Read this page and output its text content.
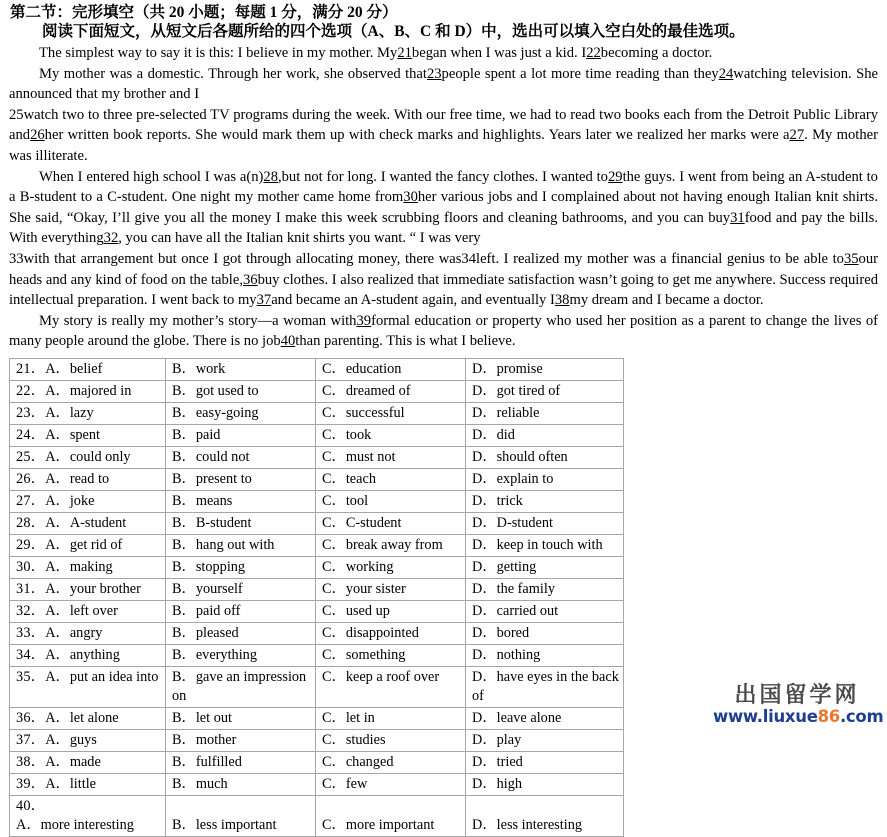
第二节：完形填空（共 20 小题；每题 1 分，满分 20 分）
阅读下面短文，从短文后各题所给的四个选项（A、B、C 和 D）中，选出可以填入空白处的最佳选项。

The simplest way to say it is this: I believe in my mother. My21began when I was just a kid. I22becoming a doctor.

My mother was a domestic. Through her work, she observed that23people spent a lot more time reading than they24watching television. She announced that my brother and I

25watch two to three pre-selected TV programs during the week. With our free time, we had to read two books each from the Detroit Public Library and26her written book reports. She would mark them up with check marks and highlights. Years later we realized her marks were a27. My mother was illiterate.

When I entered high school I was a(n)28,but not for long. I wanted the fancy clothes. I wanted to29the guys. I went from being an A-student to a B-student to a C-student. One night my mother came home from30her various jobs and I complained about not having enough Italian knit shirts. She said, “Okay, I’ll give you all the money I make this week scrubbing floors and cleaning bathrooms, and you can buy31food and pay the bills. With everything32, you can have all the Italian knit shirts you want. “ I was very

33with that arrangement but once I got through allocating money, there was34left. I realized my mother was a financial genius to be able to35our heads and any kind of food on the table,36buy clothes. I also realized that immediate satisfaction wasn’t going to get me anywhere. Success required intellectual preparation. I went back to my37and became an A-student again, and eventually I38my dream and I became a doctor.

My story is really my mother’s story—a woman with39formal education or property who used her position as a parent to change the lives of many people around the globe. There is no job40than parenting. This is what I believe.

21．A．belief	B．work	C．education	D．promise
22．A．majored in	B．got used to	C．dreamed of	D．got tired of
23．A．lazy	B．easy-going	C．successful	D．reliable
24．A．spent	B．paid	C．took	D．did
25．A．could only	B．could not	C．must not	D．should often
26．A．read to	B．present to	C．teach	D．explain to
27．A．joke	B．means	C．tool	D．trick
28．A．A-student	B．B-student	C．C-student	D．D-student
29．A．get rid of	B．hang out with	C．break away from	D．keep in touch with
30．A．making	B．stopping	C．working	D．getting
31．A．your brother	B．yourself	C．your sister	D．the family
32．A．left over	B．paid off	C．used up	D．carried out
33．A．angry	B．pleased	C．disappointed	D．bored
34．A．anything	B．everything	C．something	D．nothing
35．A．put an idea into	B．gave an impression on	C．keep a roof over	D．have eyes in the back of
36．A．let alone	B．let out	C．let in	D．leave alone
37．A．guys	B．mother	C．studies	D．play
38．A．made	B．fulfilled	C．changed	D．tried
39．A．little	B．much	C．few	D．high
40．			
A．more interesting	B．less important	C．more important	D．less interesting
出国留学网
www.liuxue86.com
